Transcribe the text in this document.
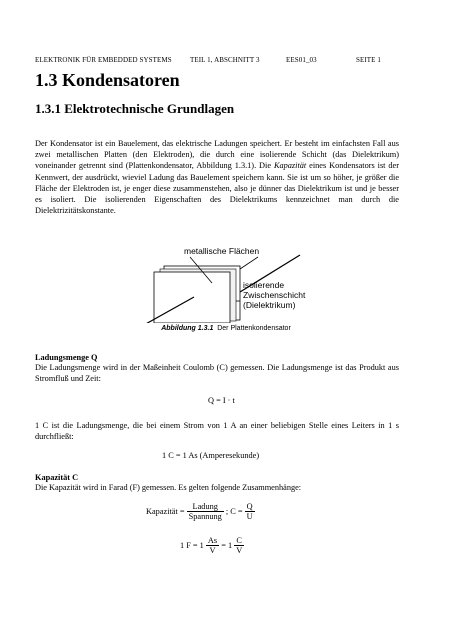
ELEKTRONIK FÜR EMBEDDED SYSTEMS	TEIL 1, ABSCHNITT 3	EES01_03	SEITE 1
1.3 Kondensatoren
1.3.1 Elektrotechnische Grundlagen
Der Kondensator ist ein Bauelement, das elektrische Ladungen speichert. Er besteht im einfachsten Fall aus zwei metallischen Platten (den Elektroden), die durch eine isolierende Schicht (das Dielektrikum) voneinander getrennt sind (Plattenkondensator, Abbildung 1.3.1). Die Kapazität eines Kondensators ist der Kennwert, der ausdrückt, wieviel Ladung das Bauelement speichern kann. Sie ist um so höher, je größer die Fläche der Elektroden ist, je enger diese zusammenstehen, also je dünner das Dielektrikum ist und je besser es isoliert. Die isolierenden Eigenschaften des Dielektrikums kennzeichnet man durch die Dielektrizitätskonstante.
metallische Flächen
isolierende
Zwischenschicht
(Dielektrikum)
Abbildung 1.3.1 Der Plattenkondensator
Ladungsmenge Q
Die Ladungsmenge wird in der Maßeinheit Coulomb (C) gemessen. Die Ladungsmenge ist das Produkt aus Stromfluß und Zeit:
Q = I · t
1 C ist die Ladungsmenge, die bei einem Strom von 1 A an einer beliebigen Stelle eines Leiters in 1 s durchfließt:
1 C = 1 As (Amperesekunde)
Kapazität C
Die Kapazität wird in Farad (F) gemessen. Es gelten folgende Zusammenhänge:
Kapazität = $\frac{\text{Ladung}}{\text{Spannung}}$ ; $C = \frac{Q}{U}$
1 $F = 1 \frac{As}{V} = 1 \frac{C}{V}$
